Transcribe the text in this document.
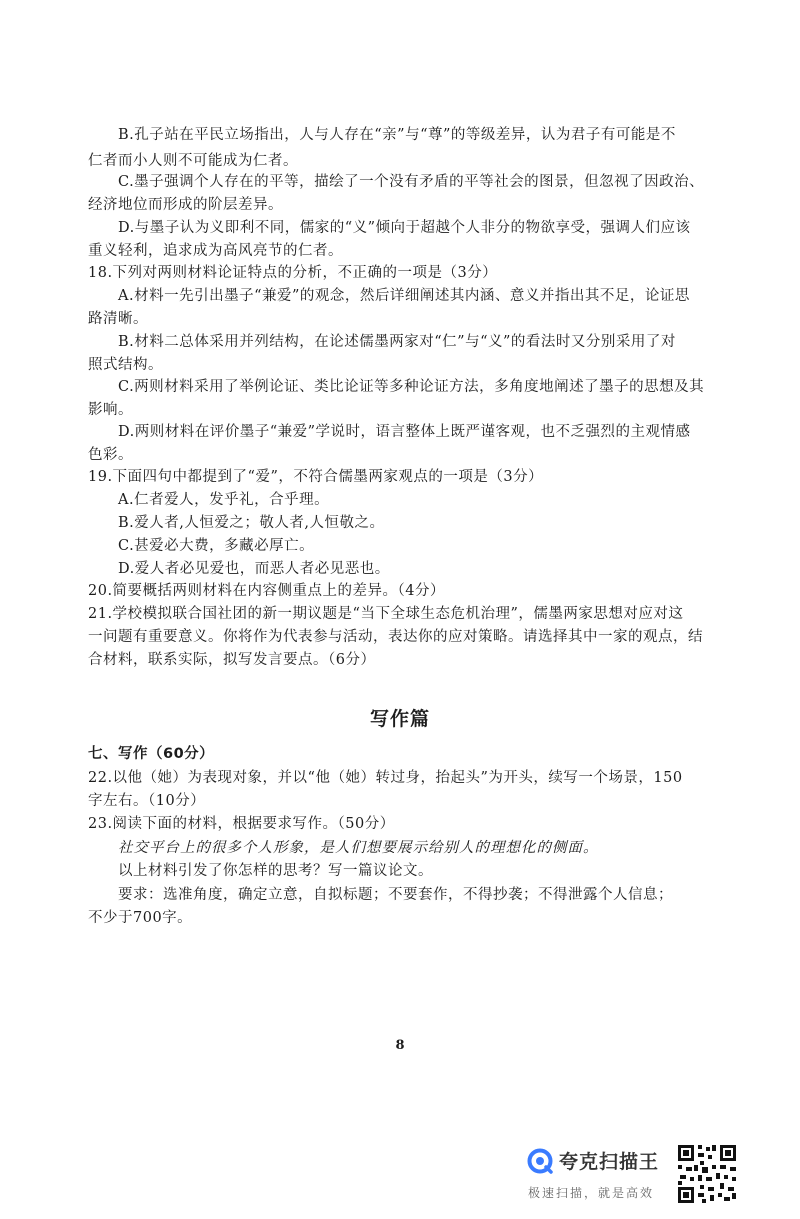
B.孔子站在平民立场指出，人与人存在“亲”与“尊”的等级差异，认为君子有可能是不
仁者而小人则不可能成为仁者。
C.墨子强调个人存在的平等，描绘了一个没有矛盾的平等社会的图景，但忽视了因政治、
经济地位而形成的阶层差异。
D.与墨子认为义即利不同，儒家的“义”倾向于超越个人非分的物欲享受，强调人们应该
重义轻利，追求成为高风亮节的仁者。
18.下列对两则材料论证特点的分析，不正确的一项是（3分）
A.材料一先引出墨子“兼爱”的观念，然后详细阐述其内涵、意义并指出其不足，论证思
路清晰。
B.材料二总体采用并列结构，在论述儒墨两家对“仁”与“义”的看法时又分别采用了对
照式结构。
C.两则材料采用了举例论证、类比论证等多种论证方法，多角度地阐述了墨子的思想及其
影响。
D.两则材料在评价墨子“兼爱”学说时，语言整体上既严谨客观，也不乏强烈的主观情感
色彩。
19.下面四句中都提到了“爱”，不符合儒墨两家观点的一项是（3分）
A.仁者爱人，发乎礼，合乎理。
B.爱人者,人恒爱之；敬人者,人恒敬之。
C.甚爱必大费，多藏必厚亡。
D.爱人者必见爱也，而恶人者必见恶也。
20.简要概括两则材料在内容侧重点上的差异。（4分）
21.学校模拟联合国社团的新一期议题是“当下全球生态危机治理”，儒墨两家思想对应对这
一问题有重要意义。你将作为代表参与活动，表达你的应对策略。请选择其中一家的观点，结
合材料，联系实际，拟写发言要点。（6分）
写作篇
七、写作（60分）
22.以他（她）为表现对象，并以“他（她）转过身，抬起头”为开头，续写一个场景，150
字左右。（10分）
23.阅读下面的材料，根据要求写作。（50分）
社交平台上的很多个人形象，是人们想要展示给别人的理想化的侧面。
以上材料引发了你怎样的思考？写一篇议论文。
要求：选准角度，确定立意，自拟标题；不要套作，不得抄袭；不得泄露个人信息；
不少于700字。
8
夸克扫描王
极速扫描，就是高效
